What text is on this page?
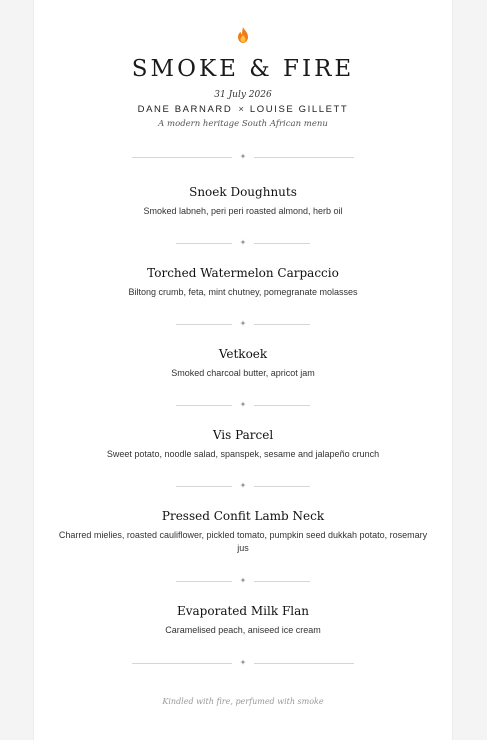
SMOKE & FIRE
31 July 2026
DANE BARNARD × LOUISE GILLETT
A modern heritage South African menu
✦
Snoek Doughnuts
Smoked labneh, peri peri roasted almond, herb oil
✦
Torched Watermelon Carpaccio
Biltong crumb, feta, mint chutney, pomegranate molasses
✦
Vetkoek
Smoked charcoal butter, apricot jam
✦
Vis Parcel
Sweet potato, noodle salad, spanspek, sesame and jalapeño crunch
✦
Pressed Confit Lamb Neck
Charred mielies, roasted cauliflower, pickled tomato, pumpkin seed dukkah potato, rosemary jus
✦
Evaporated Milk Flan
Caramelised peach, aniseed ice cream
✦
Kindled with fire, perfumed with smoke
